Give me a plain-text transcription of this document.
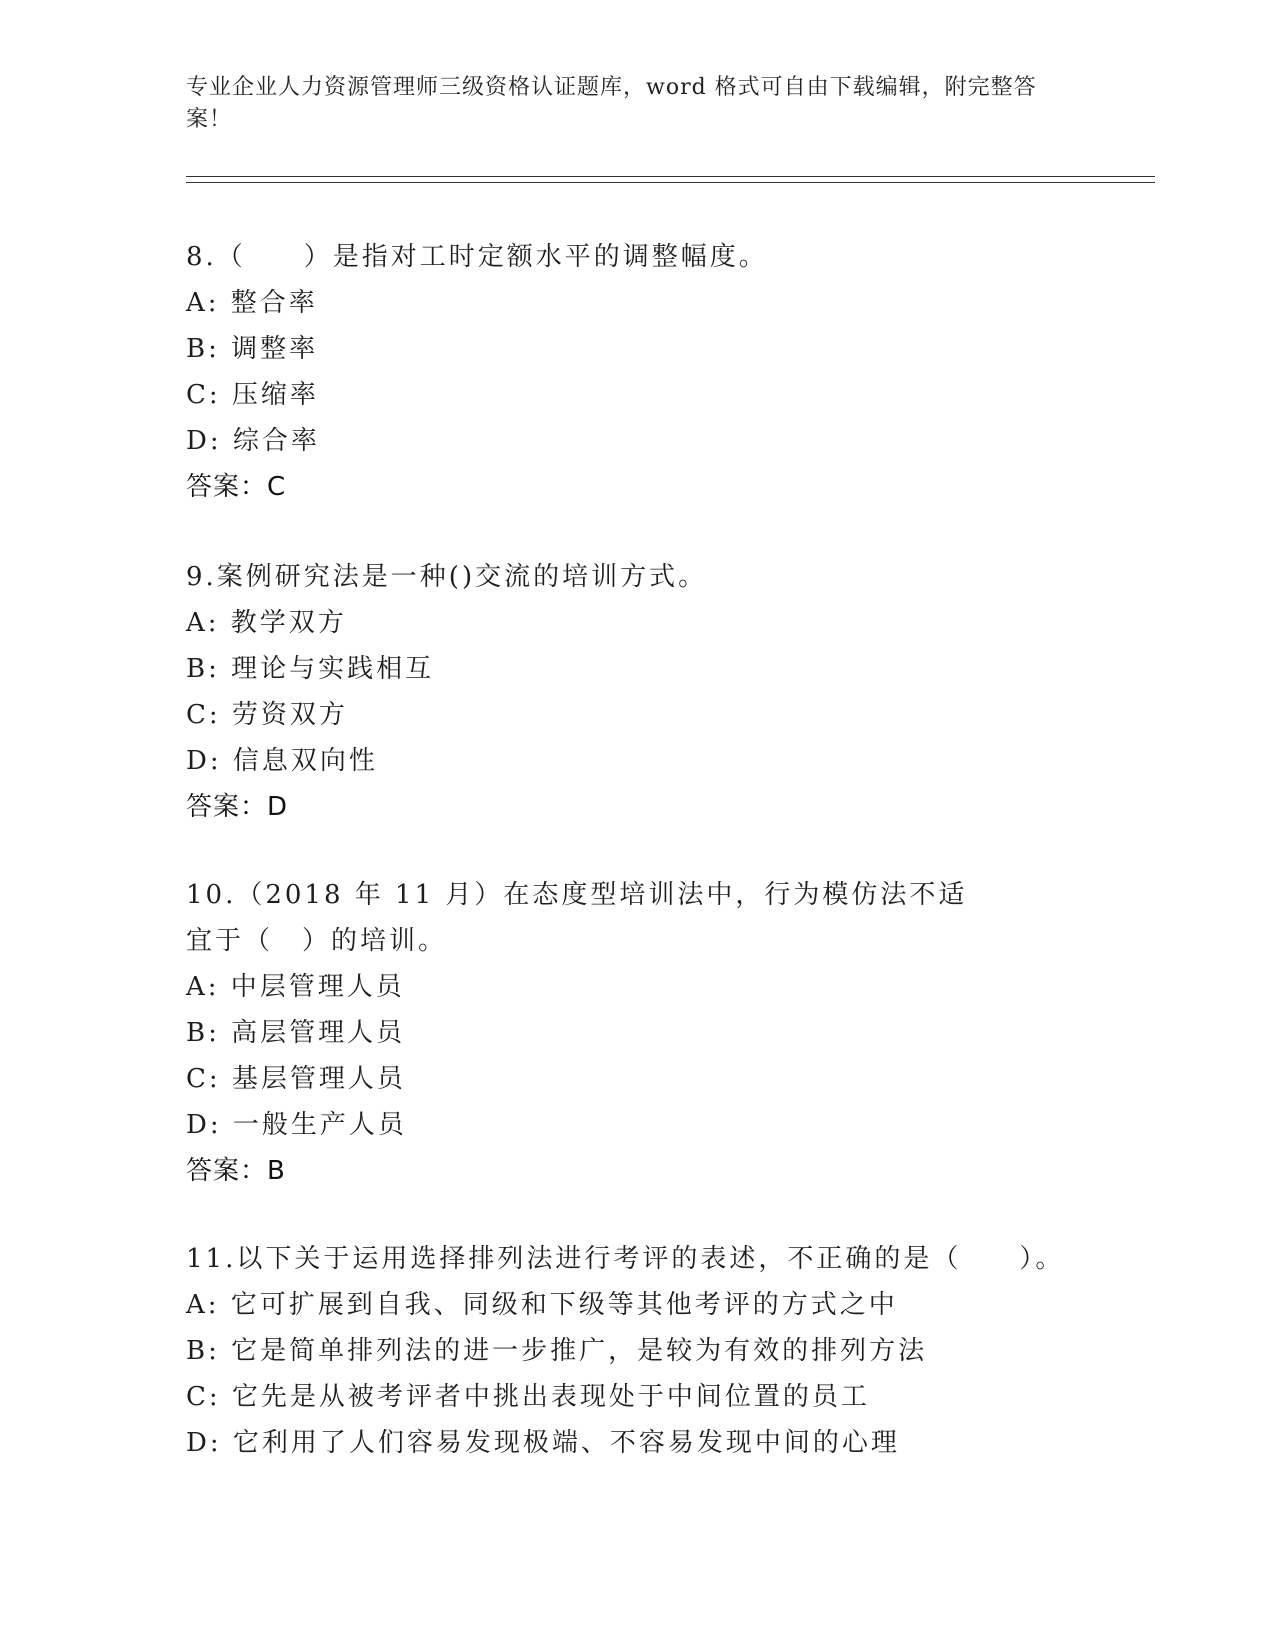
专业企业人力资源管理师三级资格认证题库，word 格式可自由下载编辑，附完整答案！
8.（　　）是指对工时定额水平的调整幅度。
A: 整合率
B: 调整率
C: 压缩率
D: 综合率
答案：C
9.案例研究法是一种()交流的培训方式。
A: 教学双方
B: 理论与实践相互
C: 劳资双方
D: 信息双向性
答案：D
10.（2018 年 11 月）在态度型培训法中，行为模仿法不适宜于（　）的培训。
A: 中层管理人员
B: 高层管理人员
C: 基层管理人员
D: 一般生产人员
答案：B
11.以下关于运用选择排列法进行考评的表述，不正确的是（　　）。
A: 它可扩展到自我、同级和下级等其他考评的方式之中
B: 它是简单排列法的进一步推广，是较为有效的排列方法
C: 它先是从被考评者中挑出表现处于中间位置的员工
D: 它利用了人们容易发现极端、不容易发现中间的心理
